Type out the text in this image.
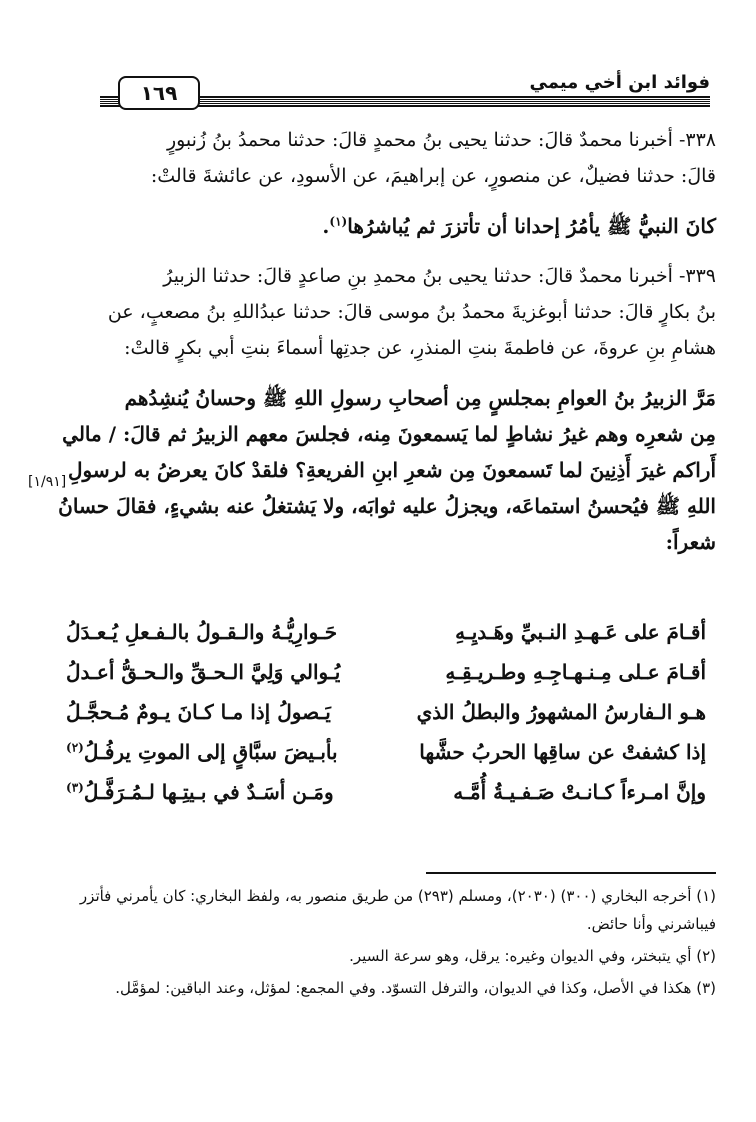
فوائد ابن أخي ميمي
١٦٩
[١/٩١]

٣٣٨- أخبرنا محمدٌ قالَ: حدثنا يحيى بنُ محمدٍ قالَ: حدثنا محمدُ بنُ زُنبورٍ
قالَ: حدثنا فضيلٌ، عن منصورٍ، عن إبراهيمَ، عن الأسودِ، عن عائشةَ قالتْ:

كانَ النبيُّ ﷺ يأمُرُ إحدانا أن تأتزرَ ثم يُباشرُها$^{(١)}$.

٣٣٩- أخبرنا محمدٌ قالَ: حدثنا يحيى بنُ محمدِ بنِ صاعدٍ قالَ: حدثنا الزبيرُ
بنُ بكارٍ قالَ: حدثنا أبوغزيةَ محمدُ بنُ موسى قالَ: حدثنا عبدُاللهِ بنُ مصعبٍ، عن
هشامِ بنِ عروةَ، عن فاطمةَ بنتِ المنذرِ، عن جدتِها أسماءَ بنتِ أبي بكرٍ قالتْ:

مَرَّ الزبيرُ بنُ العوامِ بمجلسٍ مِن أصحابِ رسولِ اللهِ ﷺ وحسانُ يُنشِدُهم
مِن شعرِه وهم غيرُ نشاطٍ لما يَسمعونَ مِنه، فجلسَ معهم الزبيرُ ثم قالَ: / مالي
أَراكم غيرَ أَذِنِينَ لما تَسمعونَ مِن شعرِ ابنِ الفريعةِ؟ فلقدْ كانَ يعرضُ به لرسولِ
اللهِ ﷺ فيُحسنُ استماعَه، ويجزلُ عليه ثوابَه، ولا يَشتغلُ عنه بشيءٍ، فقالَ حسانُ
شعراً:

أقـامَ على عَـهـدِ النـبيِّ وهَـديِـهِ
حَـوارِيُّـهُ والـقـولُ بالـفـعلِ يُـعـدَلُ
أقـامَ عـلى مِـنـهـاجِـهِ وطـريـقِـهِ
يُـوالي وَلِيَّ الـحـقِّ والـحـقُّ أعـدلُ
هـو الـفارسُ المشهورُ والبطلُ الذي
يَـصولُ إذا مـا كـانَ يـومٌ مُـحجَّـلُ
إذا كشفتْ عن ساقِها الحربُ حشَّها
بأبـيضَ سبَّاقٍ إلى الموتِ يرفُـلُ$^{(٢)}$
وإنَّ امـرءاً كـانـتْ صَـفـيـةُ أُمَّـه
ومَـن أسَـدٌ في بـيتِـها لـمُـرَفَّـلُ$^{(٣)}$

(١) أخرجه البخاري (٣٠٠) (٢٠٣٠)، ومسلم (٢٩٣) من طريق منصور به، ولفظ البخاري: كان يأمرني فأتزر فيباشرني وأنا حائض.

(٢) أي يتبختر، وفي الديوان وغيره: يرقل، وهو سرعة السير.

(٣) هكذا في الأصل، وكذا في الديوان، والترفل التسوّد. وفي المجمع: لمؤثل، وعند الباقين: لمؤمَّل.
